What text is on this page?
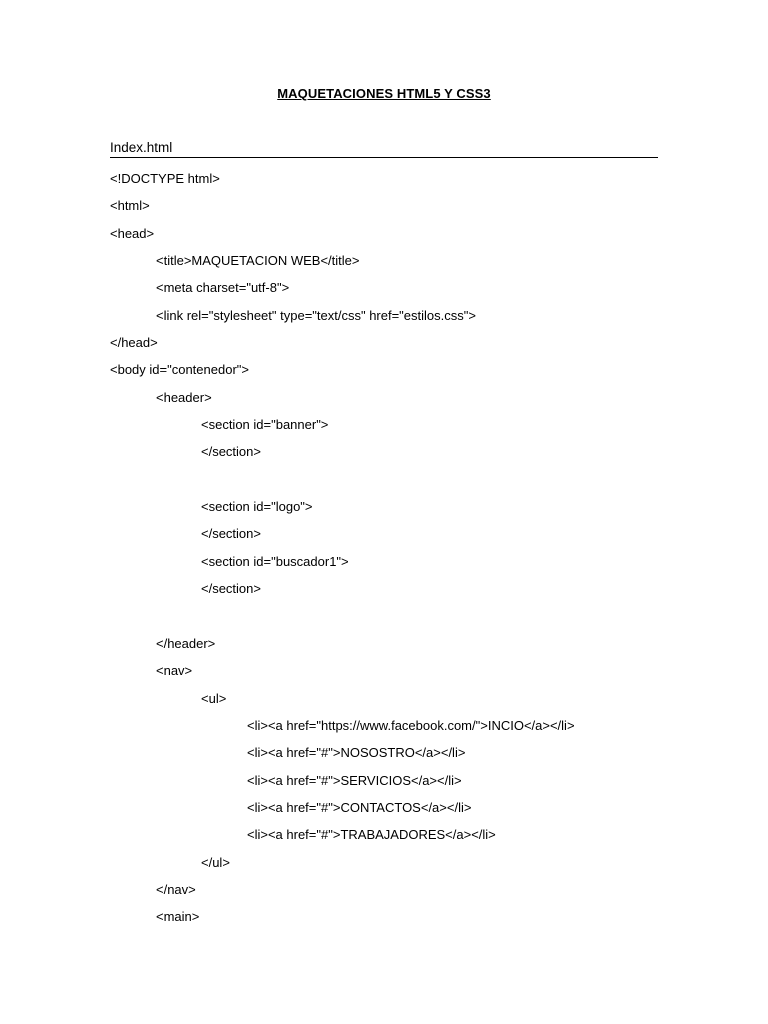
MAQUETACIONES HTML5 Y CSS3
Index.html
<!DOCTYPE html>
<html>
<head>
<title>MAQUETACION WEB</title>
<meta charset="utf-8">
<link rel="stylesheet" type="text/css" href="estilos.css">
</head>
<body id="contenedor">
<header>
<section id="banner">
</section>
<section id="logo">
</section>
<section id="buscador1">
</section>
</header>
<nav>
<ul>
<li><a href="https://www.facebook.com/">INCIO</a></li>
<li><a href="#">NOSOSTRO</a></li>
<li><a href="#">SERVICIOS</a></li>
<li><a href="#">CONTACTOS</a></li>
<li><a href="#">TRABAJADORES</a></li>
</ul>
</nav>
<main>
